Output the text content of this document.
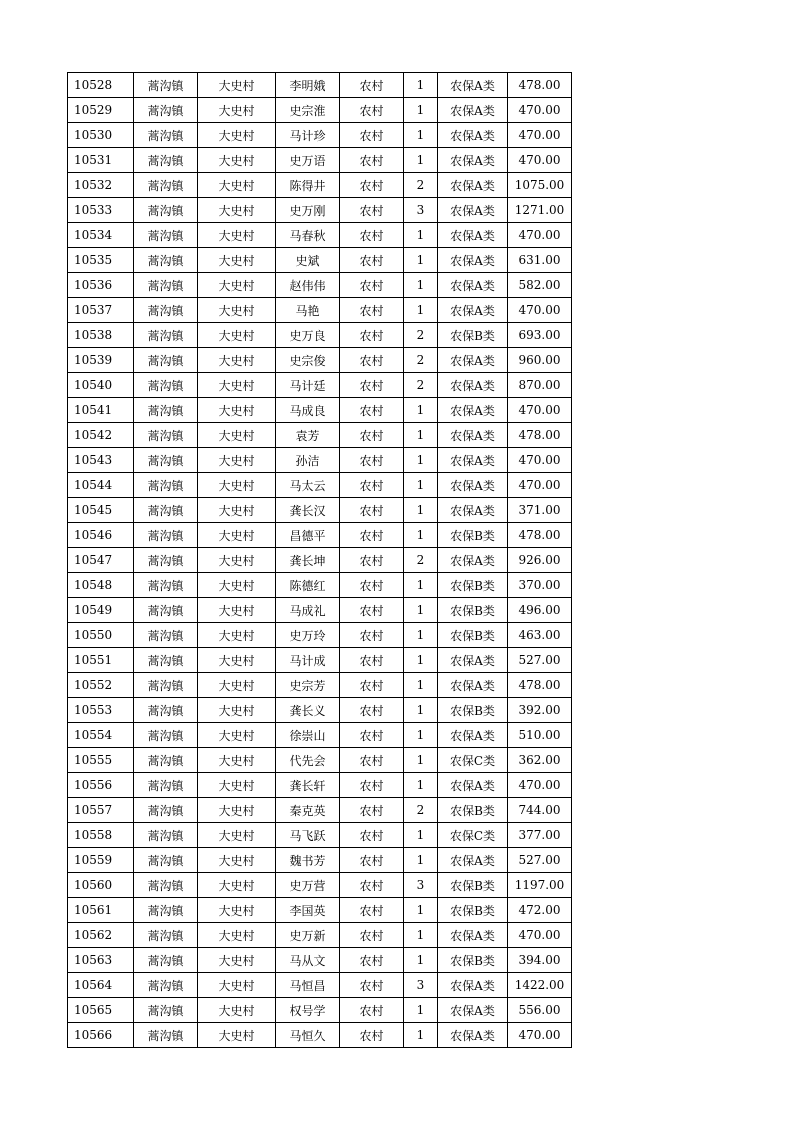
10528	蒿沟镇	大史村	李明娥	农村	1	农保A类	478.00
10529	蒿沟镇	大史村	史宗淮	农村	1	农保A类	470.00
10530	蒿沟镇	大史村	马计珍	农村	1	农保A类	470.00
10531	蒿沟镇	大史村	史万语	农村	1	农保A类	470.00
10532	蒿沟镇	大史村	陈得井	农村	2	农保A类	1075.00
10533	蒿沟镇	大史村	史万刚	农村	3	农保A类	1271.00
10534	蒿沟镇	大史村	马春秋	农村	1	农保A类	470.00
10535	蒿沟镇	大史村	史斌	农村	1	农保A类	631.00
10536	蒿沟镇	大史村	赵伟伟	农村	1	农保A类	582.00
10537	蒿沟镇	大史村	马艳	农村	1	农保A类	470.00
10538	蒿沟镇	大史村	史万良	农村	2	农保B类	693.00
10539	蒿沟镇	大史村	史宗俊	农村	2	农保A类	960.00
10540	蒿沟镇	大史村	马计廷	农村	2	农保A类	870.00
10541	蒿沟镇	大史村	马成良	农村	1	农保A类	470.00
10542	蒿沟镇	大史村	袁芳	农村	1	农保A类	478.00
10543	蒿沟镇	大史村	孙洁	农村	1	农保A类	470.00
10544	蒿沟镇	大史村	马太云	农村	1	农保A类	470.00
10545	蒿沟镇	大史村	龚长汉	农村	1	农保A类	371.00
10546	蒿沟镇	大史村	昌德平	农村	1	农保B类	478.00
10547	蒿沟镇	大史村	龚长坤	农村	2	农保A类	926.00
10548	蒿沟镇	大史村	陈德红	农村	1	农保B类	370.00
10549	蒿沟镇	大史村	马成礼	农村	1	农保B类	496.00
10550	蒿沟镇	大史村	史万玲	农村	1	农保B类	463.00
10551	蒿沟镇	大史村	马计成	农村	1	农保A类	527.00
10552	蒿沟镇	大史村	史宗芳	农村	1	农保A类	478.00
10553	蒿沟镇	大史村	龚长义	农村	1	农保B类	392.00
10554	蒿沟镇	大史村	徐崇山	农村	1	农保A类	510.00
10555	蒿沟镇	大史村	代先会	农村	1	农保C类	362.00
10556	蒿沟镇	大史村	龚长轩	农村	1	农保A类	470.00
10557	蒿沟镇	大史村	秦克英	农村	2	农保B类	744.00
10558	蒿沟镇	大史村	马飞跃	农村	1	农保C类	377.00
10559	蒿沟镇	大史村	魏书芳	农村	1	农保A类	527.00
10560	蒿沟镇	大史村	史万营	农村	3	农保B类	1197.00
10561	蒿沟镇	大史村	李国英	农村	1	农保B类	472.00
10562	蒿沟镇	大史村	史万新	农村	1	农保A类	470.00
10563	蒿沟镇	大史村	马从文	农村	1	农保B类	394.00
10564	蒿沟镇	大史村	马恒昌	农村	3	农保A类	1422.00
10565	蒿沟镇	大史村	权号学	农村	1	农保A类	556.00
10566	蒿沟镇	大史村	马恒久	农村	1	农保A类	470.00
